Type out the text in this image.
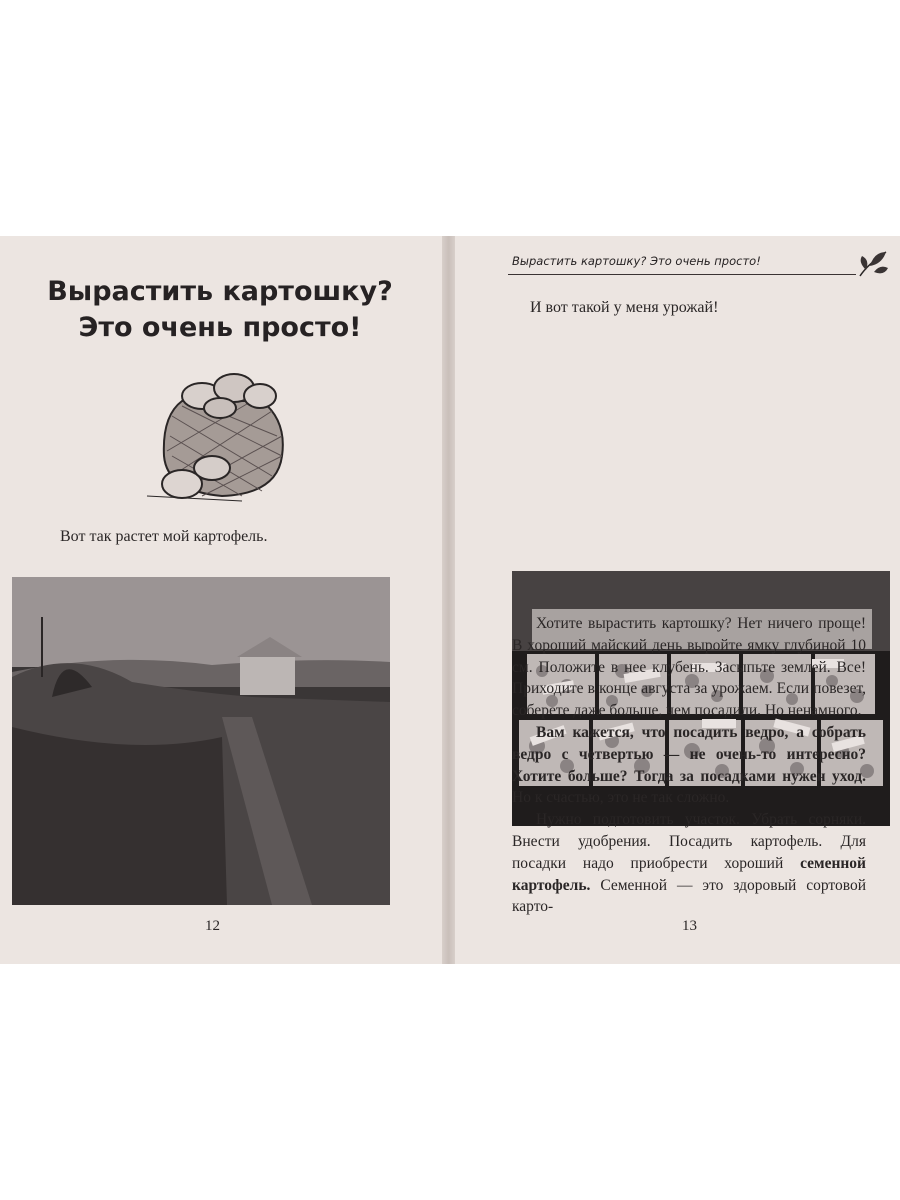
Вырастить картошку?
Это очень просто!
Вот так растет мой картофель.
12
Вырастить картошку? Это очень просто!
И вот такой у меня урожай!

Хотите вырастить картошку? Нет ничего проще! В хороший майский день выройте ямку глубиной 10 см. Положите в нее клубень. Засыпьте землей. Все! Приходите в конце августа за урожаем. Если повезет, соберете даже больше, чем посадили. Но ненамного.

Вам кажется, что посадить ведро, а собрать ведро с четвертью — не очень-то интересно? Хотите больше? Тогда за посадками нужен уход. Но к счастью, это не так сложно.

Нужно подготовить участок. Убрать сорняки. Внести удобрения. Посадить картофель. Для посадки надо приобрести хороший семенной картофель. Семенной — это здоровый сортовой карто-

13
